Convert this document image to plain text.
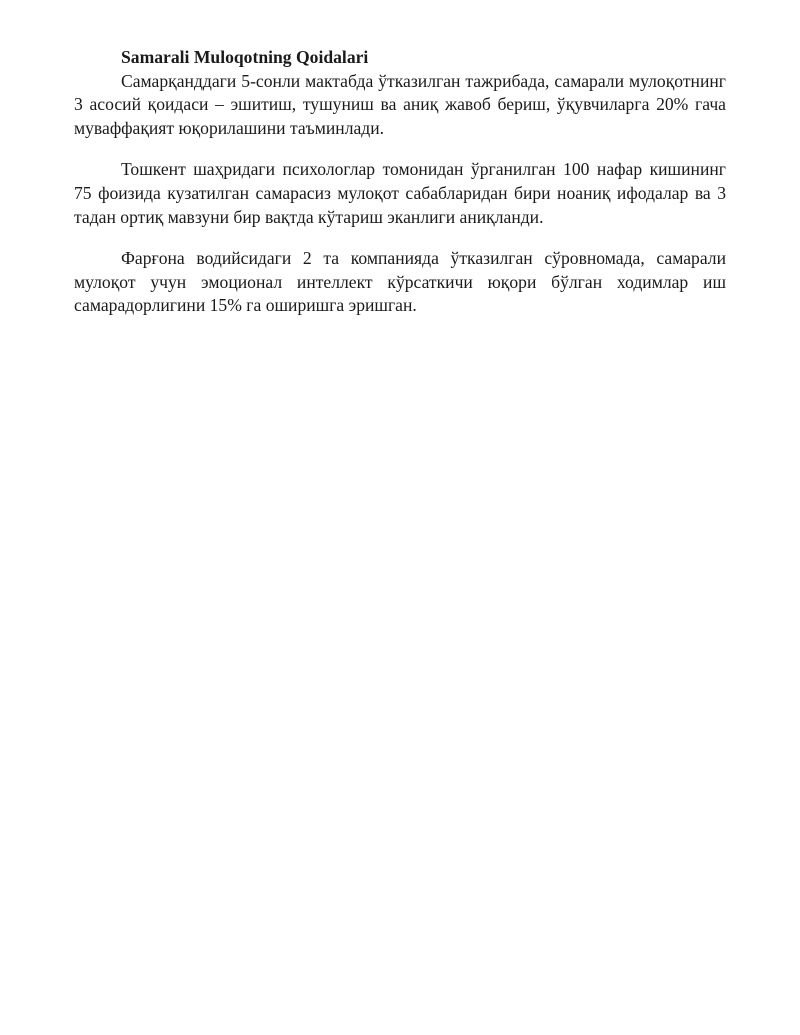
Samarali Muloqotning Qoidalari

Самарқанддаги 5-сонли мактабда ўтказилган тажрибада, самарали мулоқотнинг 3 асосий қоидаси – эшитиш, тушуниш ва аниқ жавоб бериш, ўқувчиларга 20% гача муваффақият юқорилашини таъминлади.

Тошкент шаҳридаги психологлар томонидан ўрганилган 100 нафар кишининг 75 фоизида кузатилган самарасиз мулоқот сабабларидан бири ноаниқ ифодалар ва 3 тадан ортиқ мавзуни бир вақтда кўтариш эканлиги аниқланди.

Фарғона водийсидаги 2 та компанияда ўтказилган сўровномада, самарали мулоқот учун эмоционал интеллект кўрсаткичи юқори бўлган ходимлар иш самарадорлигини 15% га оширишга эришган.
